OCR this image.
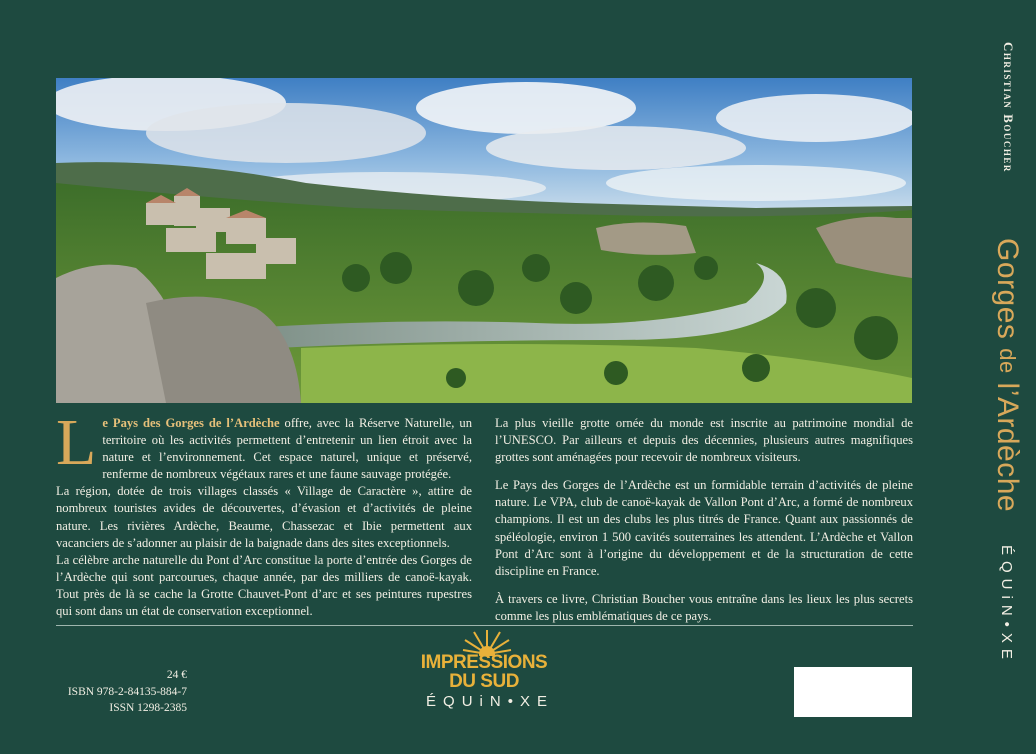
Le Pays des Gorges de l’Ardèche offre, avec la Réserve Naturelle, un territoire où les activités permettent d’entretenir un lien étroit avec la nature et l’environnement. Cet espace naturel, unique et préservé, renferme de nombreux végétaux rares et une faune sauvage protégée.

La région, dotée de trois villages classés « Village de Caractère », attire de nombreux touristes avides de découvertes, d’évasion et d’activités de pleine nature. Les rivières Ardèche, Beaume, Chassezac et Ibie permettent aux vacanciers de s’adonner au plaisir de la baignade dans des sites exceptionnels.

La célèbre arche naturelle du Pont d’Arc constitue la porte d’entrée des Gorges de l’Ardèche qui sont parcourues, chaque année, par des milliers de canoë-kayak. Tout près de là se cache la Grotte Chauvet-Pont d’arc et ses peintures rupestres qui sont dans un état de conservation exceptionnel.

La plus vieille grotte ornée du monde est inscrite au patrimoine mondial de l’UNESCO. Par ailleurs et depuis des décennies, plusieurs autres magnifiques grottes sont aménagées pour recevoir de nombreux visiteurs.

Le Pays des Gorges de l’Ardèche est un formidable terrain d’activités de pleine nature. Le VPA, club de canoë-kayak de Vallon Pont d’Arc, a formé de nombreux champions. Il est un des clubs les plus titrés de France. Quant aux passionnés de spéléologie, environ 1 500 cavités souterraines les attendent. L’Ardèche et Vallon Pont d’Arc sont à l’origine du développement et de la structuration de cette discipline en France.

À travers ce livre, Christian Boucher vous entraîne dans les lieux les plus secrets comme les plus emblématiques de ce pays.

24 €
ISBN 978-2-84135-884-7
ISSN 1298-2385
IMPRESSIONS
DU SUD
ÉQUiN•XE
Christian Boucher
Gorges de l’Ardèche
ÉQUiN•XE
